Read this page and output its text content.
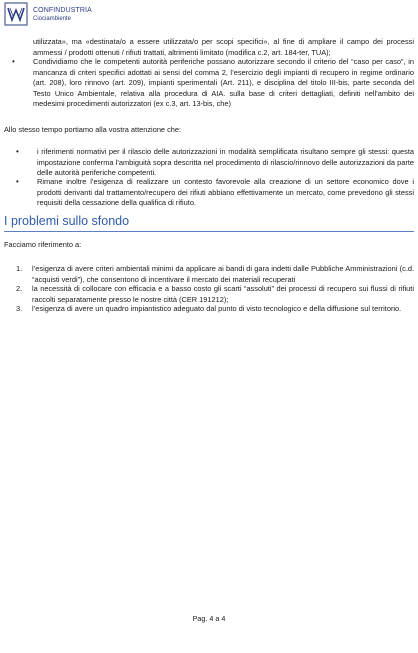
CONFINDUSTRIA
Ciociambiente

utilizzata», ma «destinata/o a essere utilizzata/o per scopi specifici», al fine di ampliare il campo dei processi ammessi / prodotti ottenuti / rifiuti trattati, altrimenti limitato (modifica c.2, art. 184-ter, TUA);

•	Condividiamo che le competenti autorità periferiche possano autorizzare secondo il criterio del “caso per caso”, in mancanza di criteri specifici adottati ai sensi del comma 2, l’esercizio degli impianti di recupero in regime ordinario (art. 208), loro rinnovo (art. 209), impianti sperimentali (Art. 211), e disciplina del titolo III-bis, parte seconda del Testo Unico Ambientale, relativa alla procedura di AIA. sulla base di criteri dettagliati, definiti nell’ambito dei medesimi procedimenti autorizzatori (ex c.3, art. 13-bis, che)

Allo stesso tempo portiamo alla vostra attenzione che:

•	i riferimenti normativi per il rilascio delle autorizzazioni in modalità semplificata risultano sempre gli stessi: questa impostazione conferma l’ambiguità sopra descritta nel procedimento di rilascio/rinnovo delle autorizzazioni da parte delle autorità periferiche competenti.

•	Rimane inoltre l’esigenza di realizzare un contesto favorevole alla creazione di un settore economico dove i prodotti derivanti dal trattamento/recupero dei rifiuti abbiano effettivamente un mercato, come prevedono gli stessi requisiti della cessazione della qualifica di rifiuto.

I problemi sullo sfondo

Facciamo riferimento a:

1.	l’esigenza di avere criteri ambientali minimi da applicare ai bandi di gara indetti dalle Pubbliche Amministrazioni (c.d. “acquisti verdi”), che consentono di incentivare il mercato dei materiali recuperati

2.	la necessità di collocare con efficacia e a basso costo gli scarti “assoluti” dei processi di recupero sui flussi di rifiuti raccolti separatamente presso le nostre città (CER 191212);

3.	l’esigenza di avere un quadro impiantistico adeguato dal punto di visto tecnologico e della diffusione sul territorio.

Pag. 4 a 4
